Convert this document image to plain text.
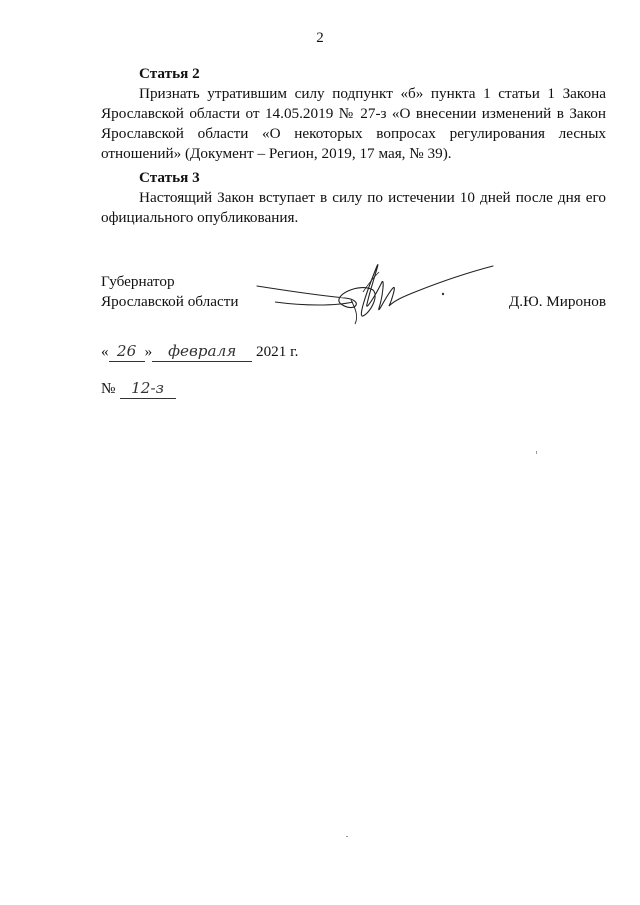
2

Статья 2

Признать утратившим силу подпункт «б» пункта 1 статьи 1 Закона Ярославской области от 14.05.2019 № 27-з «О внесении изменений в Закон Ярославской области «О некоторых вопросах регулирования лесных отношений» (Документ – Регион, 2019, 17 мая, № 39).

Статья 3

Настоящий Закон вступает в силу по истечении 10 дней после дня его официального опубликования.

Губернатор
Ярославской области	Д.Ю. Миронов
« 26 » февраля 2021 г.
№ 12-з
